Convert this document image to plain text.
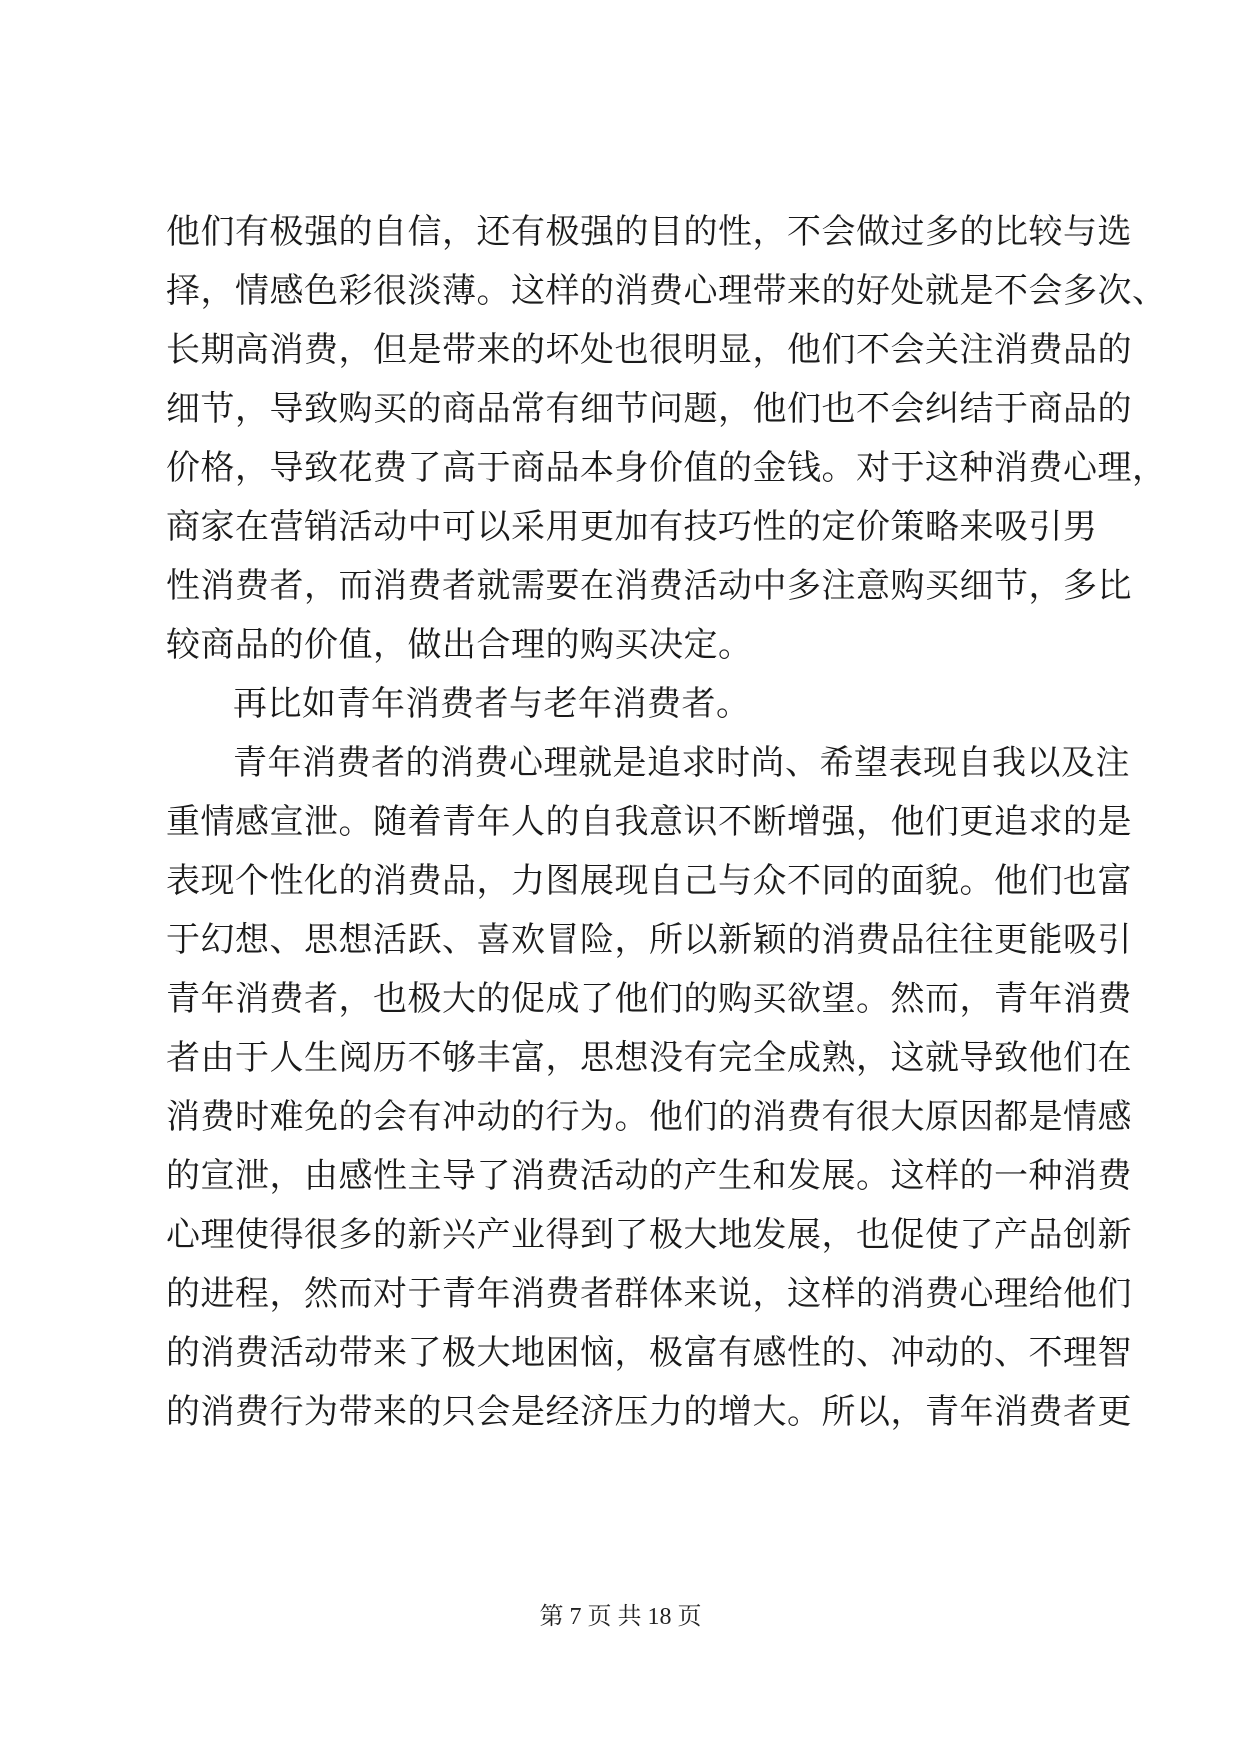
他们有极强的自信，还有极强的目的性，不会做过多的比较与选
择，情感色彩很淡薄。这样的消费心理带来的好处就是不会多次、
长期高消费，但是带来的坏处也很明显，他们不会关注消费品的
细节，导致购买的商品常有细节问题，他们也不会纠结于商品的
价格，导致花费了高于商品本身价值的金钱。对于这种消费心理，
商家在营销活动中可以采用更加有技巧性的定价策略来吸引男
性消费者，而消费者就需要在消费活动中多注意购买细节，多比
较商品的价值，做出合理的购买决定。
再比如青年消费者与老年消费者。
青年消费者的消费心理就是追求时尚、希望表现自我以及注
重情感宣泄。随着青年人的自我意识不断增强，他们更追求的是
表现个性化的消费品，力图展现自己与众不同的面貌。他们也富
于幻想、思想活跃、喜欢冒险，所以新颖的消费品往往更能吸引
青年消费者，也极大的促成了他们的购买欲望。然而，青年消费
者由于人生阅历不够丰富，思想没有完全成熟，这就导致他们在
消费时难免的会有冲动的行为。他们的消费有很大原因都是情感
的宣泄，由感性主导了消费活动的产生和发展。这样的一种消费
心理使得很多的新兴产业得到了极大地发展，也促使了产品创新
的进程，然而对于青年消费者群体来说，这样的消费心理给他们
的消费活动带来了极大地困恼，极富有感性的、冲动的、不理智
的消费行为带来的只会是经济压力的增大。所以，青年消费者更
第 7 页 共 18 页
